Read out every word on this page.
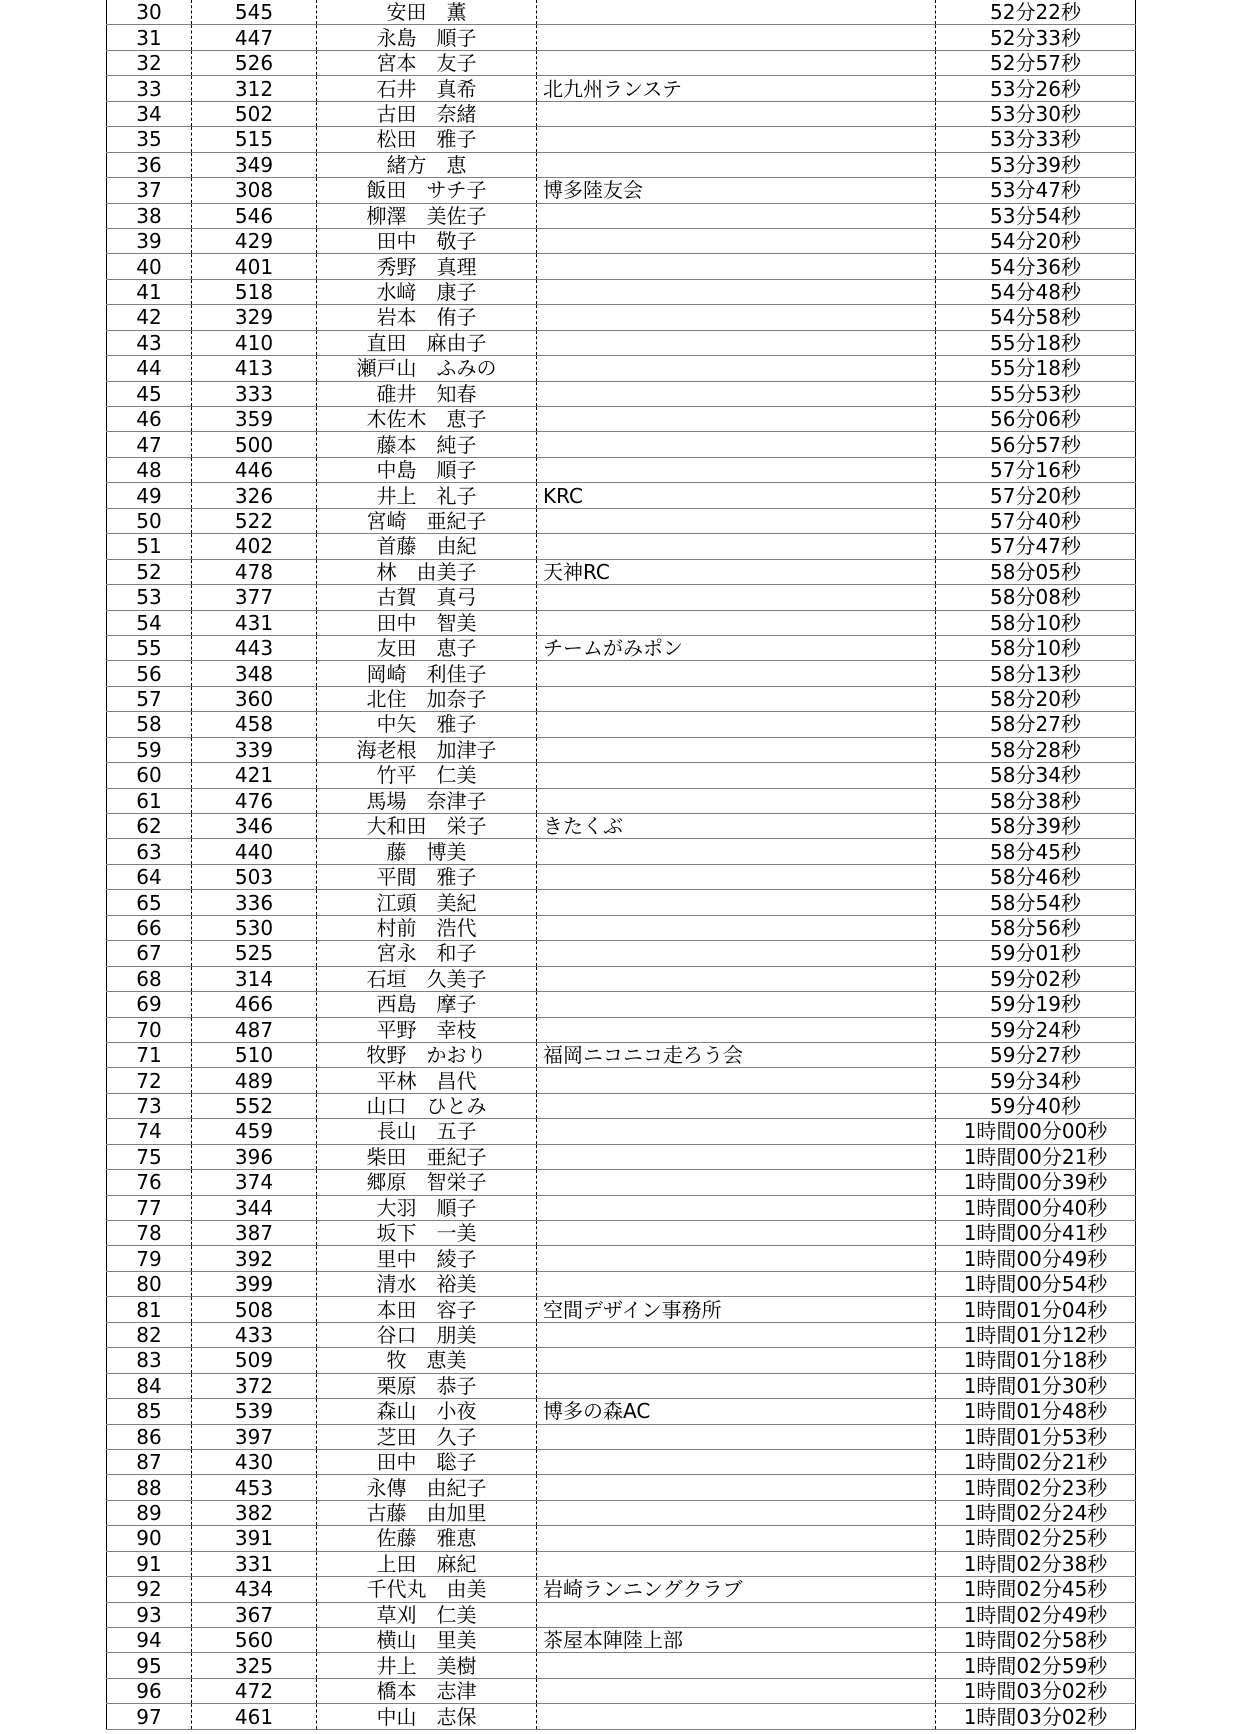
30	545	安田　薫		52分22秒
31	447	永島　順子		52分33秒
32	526	宮本　友子		52分57秒
33	312	石井　真希	北九州ランステ	53分26秒
34	502	古田　奈緒		53分30秒
35	515	松田　雅子		53分33秒
36	349	緒方　恵		53分39秒
37	308	飯田　サチ子	博多陸友会	53分47秒
38	546	柳澤　美佐子		53分54秒
39	429	田中　敬子		54分20秒
40	401	秀野　真理		54分36秒
41	518	水﨑　康子		54分48秒
42	329	岩本　侑子		54分58秒
43	410	直田　麻由子		55分18秒
44	413	瀬戸山　ふみの		55分18秒
45	333	碓井　知春		55分53秒
46	359	木佐木　恵子		56分06秒
47	500	藤本　純子		56分57秒
48	446	中島　順子		57分16秒
49	326	井上　礼子	KRC	57分20秒
50	522	宮崎　亜紀子		57分40秒
51	402	首藤　由紀		57分47秒
52	478	林　由美子	天神RC	58分05秒
53	377	古賀　真弓		58分08秒
54	431	田中　智美		58分10秒
55	443	友田　恵子	チームがみポン	58分10秒
56	348	岡崎　利佳子		58分13秒
57	360	北住　加奈子		58分20秒
58	458	中矢　雅子		58分27秒
59	339	海老根　加津子		58分28秒
60	421	竹平　仁美		58分34秒
61	476	馬場　奈津子		58分38秒
62	346	大和田　栄子	きたくぶ	58分39秒
63	440	藤　博美		58分45秒
64	503	平間　雅子		58分46秒
65	336	江頭　美紀		58分54秒
66	530	村前　浩代		58分56秒
67	525	宮永　和子		59分01秒
68	314	石垣　久美子		59分02秒
69	466	西島　摩子		59分19秒
70	487	平野　幸枝		59分24秒
71	510	牧野　かおり	福岡ニコニコ走ろう会	59分27秒
72	489	平林　昌代		59分34秒
73	552	山口　ひとみ		59分40秒
74	459	長山　五子		1時間00分00秒
75	396	柴田　亜紀子		1時間00分21秒
76	374	郷原　智栄子		1時間00分39秒
77	344	大羽　順子		1時間00分40秒
78	387	坂下　一美		1時間00分41秒
79	392	里中　綾子		1時間00分49秒
80	399	清水　裕美		1時間00分54秒
81	508	本田　容子	空間デザイン事務所	1時間01分04秒
82	433	谷口　朋美		1時間01分12秒
83	509	牧　恵美		1時間01分18秒
84	372	栗原　恭子		1時間01分30秒
85	539	森山　小夜	博多の森AC	1時間01分48秒
86	397	芝田　久子		1時間01分53秒
87	430	田中　聡子		1時間02分21秒
88	453	永傳　由紀子		1時間02分23秒
89	382	古藤　由加里		1時間02分24秒
90	391	佐藤　雅恵		1時間02分25秒
91	331	上田　麻紀		1時間02分38秒
92	434	千代丸　由美	岩崎ランニングクラブ	1時間02分45秒
93	367	草刈　仁美		1時間02分49秒
94	560	横山　里美	茶屋本陣陸上部	1時間02分58秒
95	325	井上　美樹		1時間02分59秒
96	472	橋本　志津		1時間03分02秒
97	461	中山　志保		1時間03分02秒
